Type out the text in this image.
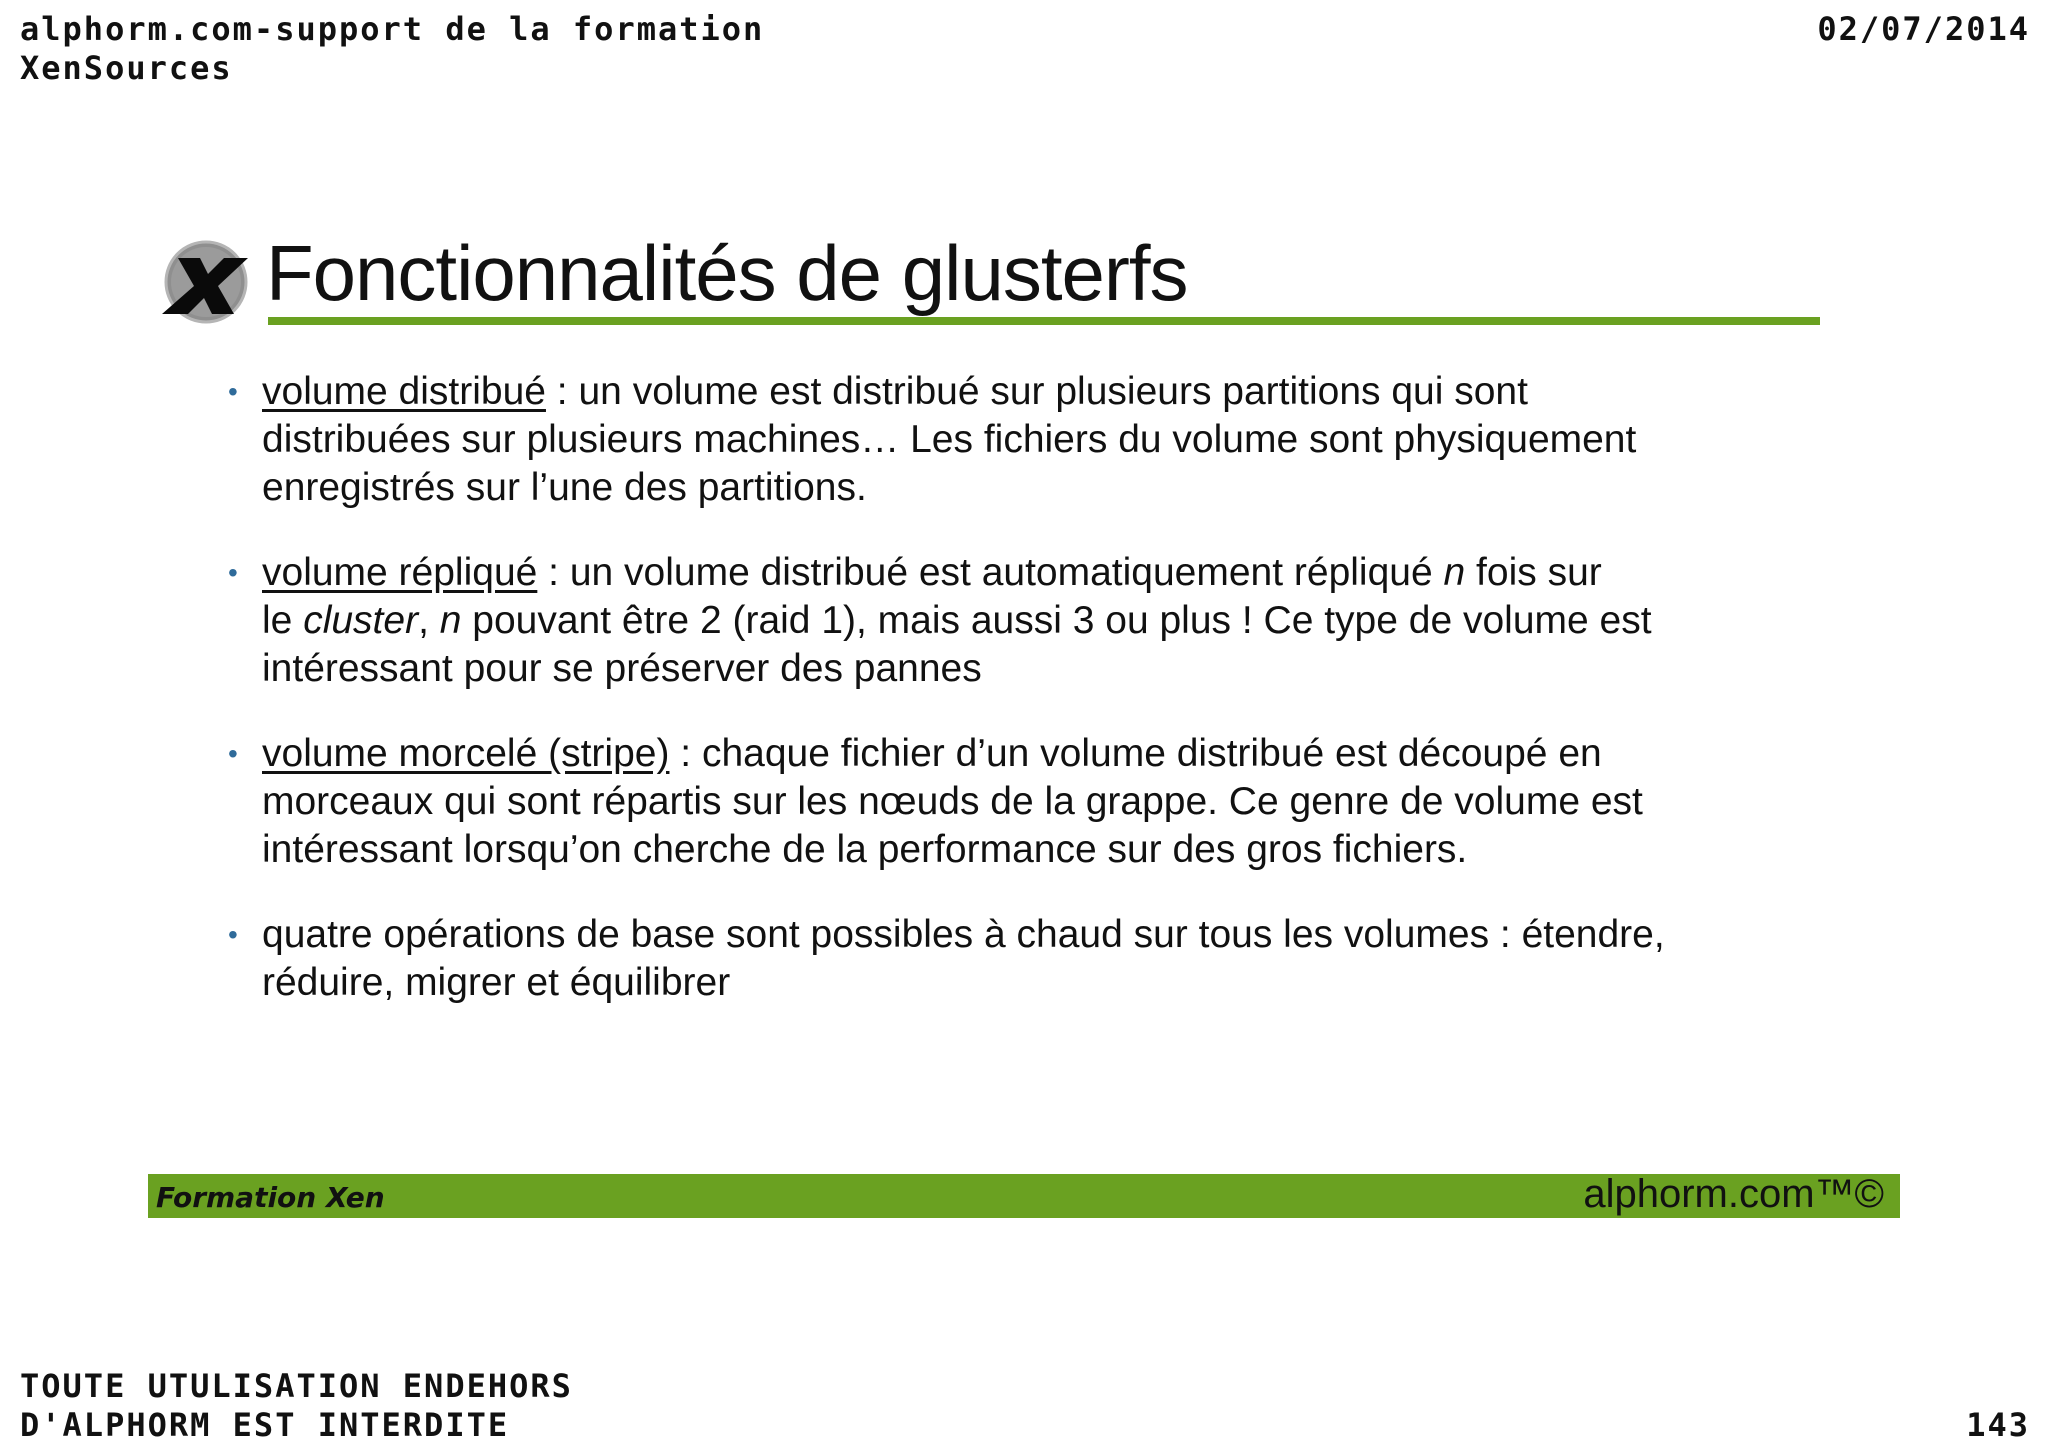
alphorm.com-support de la formation
XenSources
02/07/2014
Fonctionnalités de glusterfs
• volume distribué : un volume est distribué sur plusieurs partitions qui sont
distribuées sur plusieurs machines… Les fichiers du volume sont physiquement
enregistrés sur l’une des partitions.
• volume répliqué : un volume distribué est automatiquement répliqué n fois sur
le cluster, n pouvant être 2 (raid 1), mais aussi 3 ou plus ! Ce type de volume est
intéressant pour se préserver des pannes
• volume morcelé (stripe) : chaque fichier d’un volume distribué est découpé en
morceaux qui sont répartis sur les nœuds de la grappe. Ce genre de volume est
intéressant lorsqu’on cherche de la performance sur des gros fichiers.
• quatre opérations de base sont possibles à chaud sur tous les volumes : étendre,
réduire, migrer et équilibrer
Formation Xen	alphorm.com™©
TOUTE UTULISATION ENDEHORS
D'ALPHORM EST INTERDITE	143
